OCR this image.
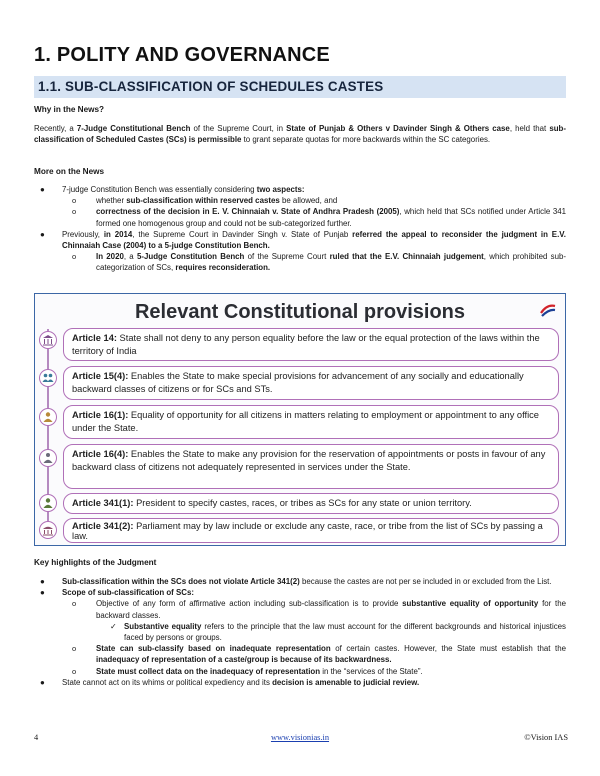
1. POLITY AND GOVERNANCE
1.1. SUB-CLASSIFICATION OF SCHEDULES CASTES
Why in the News?
Recently, a 7-Judge Constitutional Bench of the Supreme Court, in State of Punjab & Others v Davinder Singh & Others case, held that sub-classification of Scheduled Castes (SCs) is permissible to grant separate quotas for more backwards within the SC categories.
More on the News
● 7-judge Constitution Bench was essentially considering two aspects:
o	whether sub-classification within reserved castes be allowed, and
o	correctness of the decision in E. V. Chinnaiah v. State of Andhra Pradesh (2005), which held that SCs notified under Article 341 formed one homogenous group and could not be sub-categorized further.
● Previously, in 2014, the Supreme Court in Davinder Singh v. State of Punjab referred the appeal to reconsider the judgment in E.V. Chinnaiah Case (2004) to a 5-judge Constitution Bench.
o	In 2020, a 5-Judge Constitution Bench of the Supreme Court ruled that the E.V. Chinnaiah judgement, which prohibited sub-categorization of SCs, requires reconsideration.
Relevant Constitutional provisions
Article 14: State shall not deny to any person equality before the law or the equal protection of the laws within the territory of India
Article 15(4): Enables the State to make special provisions for advancement of any socially and educationally backward classes of citizens or for SCs and STs.
Article 16(1): Equality of opportunity for all citizens in matters relating to employment or appointment to any office under the State.
Article 16(4): Enables the State to make any provision for the reservation of appointments or posts in favour of any backward class of citizens not adequately represented in services under the State.
Article 341(1): President to specify castes, races, or tribes as SCs for any state or union territory.
Article 341(2): Parliament may by law include or exclude any caste, race, or tribe from the list of SCs by passing a law.
Key highlights of the Judgment
● Sub-classification within the SCs does not violate Article 341(2) because the castes are not per se included in or excluded from the List.
● Scope of sub-classification of SCs:
o	Objective of any form of affirmative action including sub-classification is to provide substantive equality of opportunity for the backward classes.
✓ Substantive equality refers to the principle that the law must account for the different backgrounds and historical injustices faced by persons or groups.
o	State can sub-classify based on inadequate representation of certain castes. However, the State must establish that the inadequacy of representation of a caste/group is because of its backwardness.
o	State must collect data on the inadequacy of representation in the “services of the State”.
● State cannot act on its whims or political expediency and its decision is amenable to judicial review.
4	www.visionias.in	©Vision IAS
